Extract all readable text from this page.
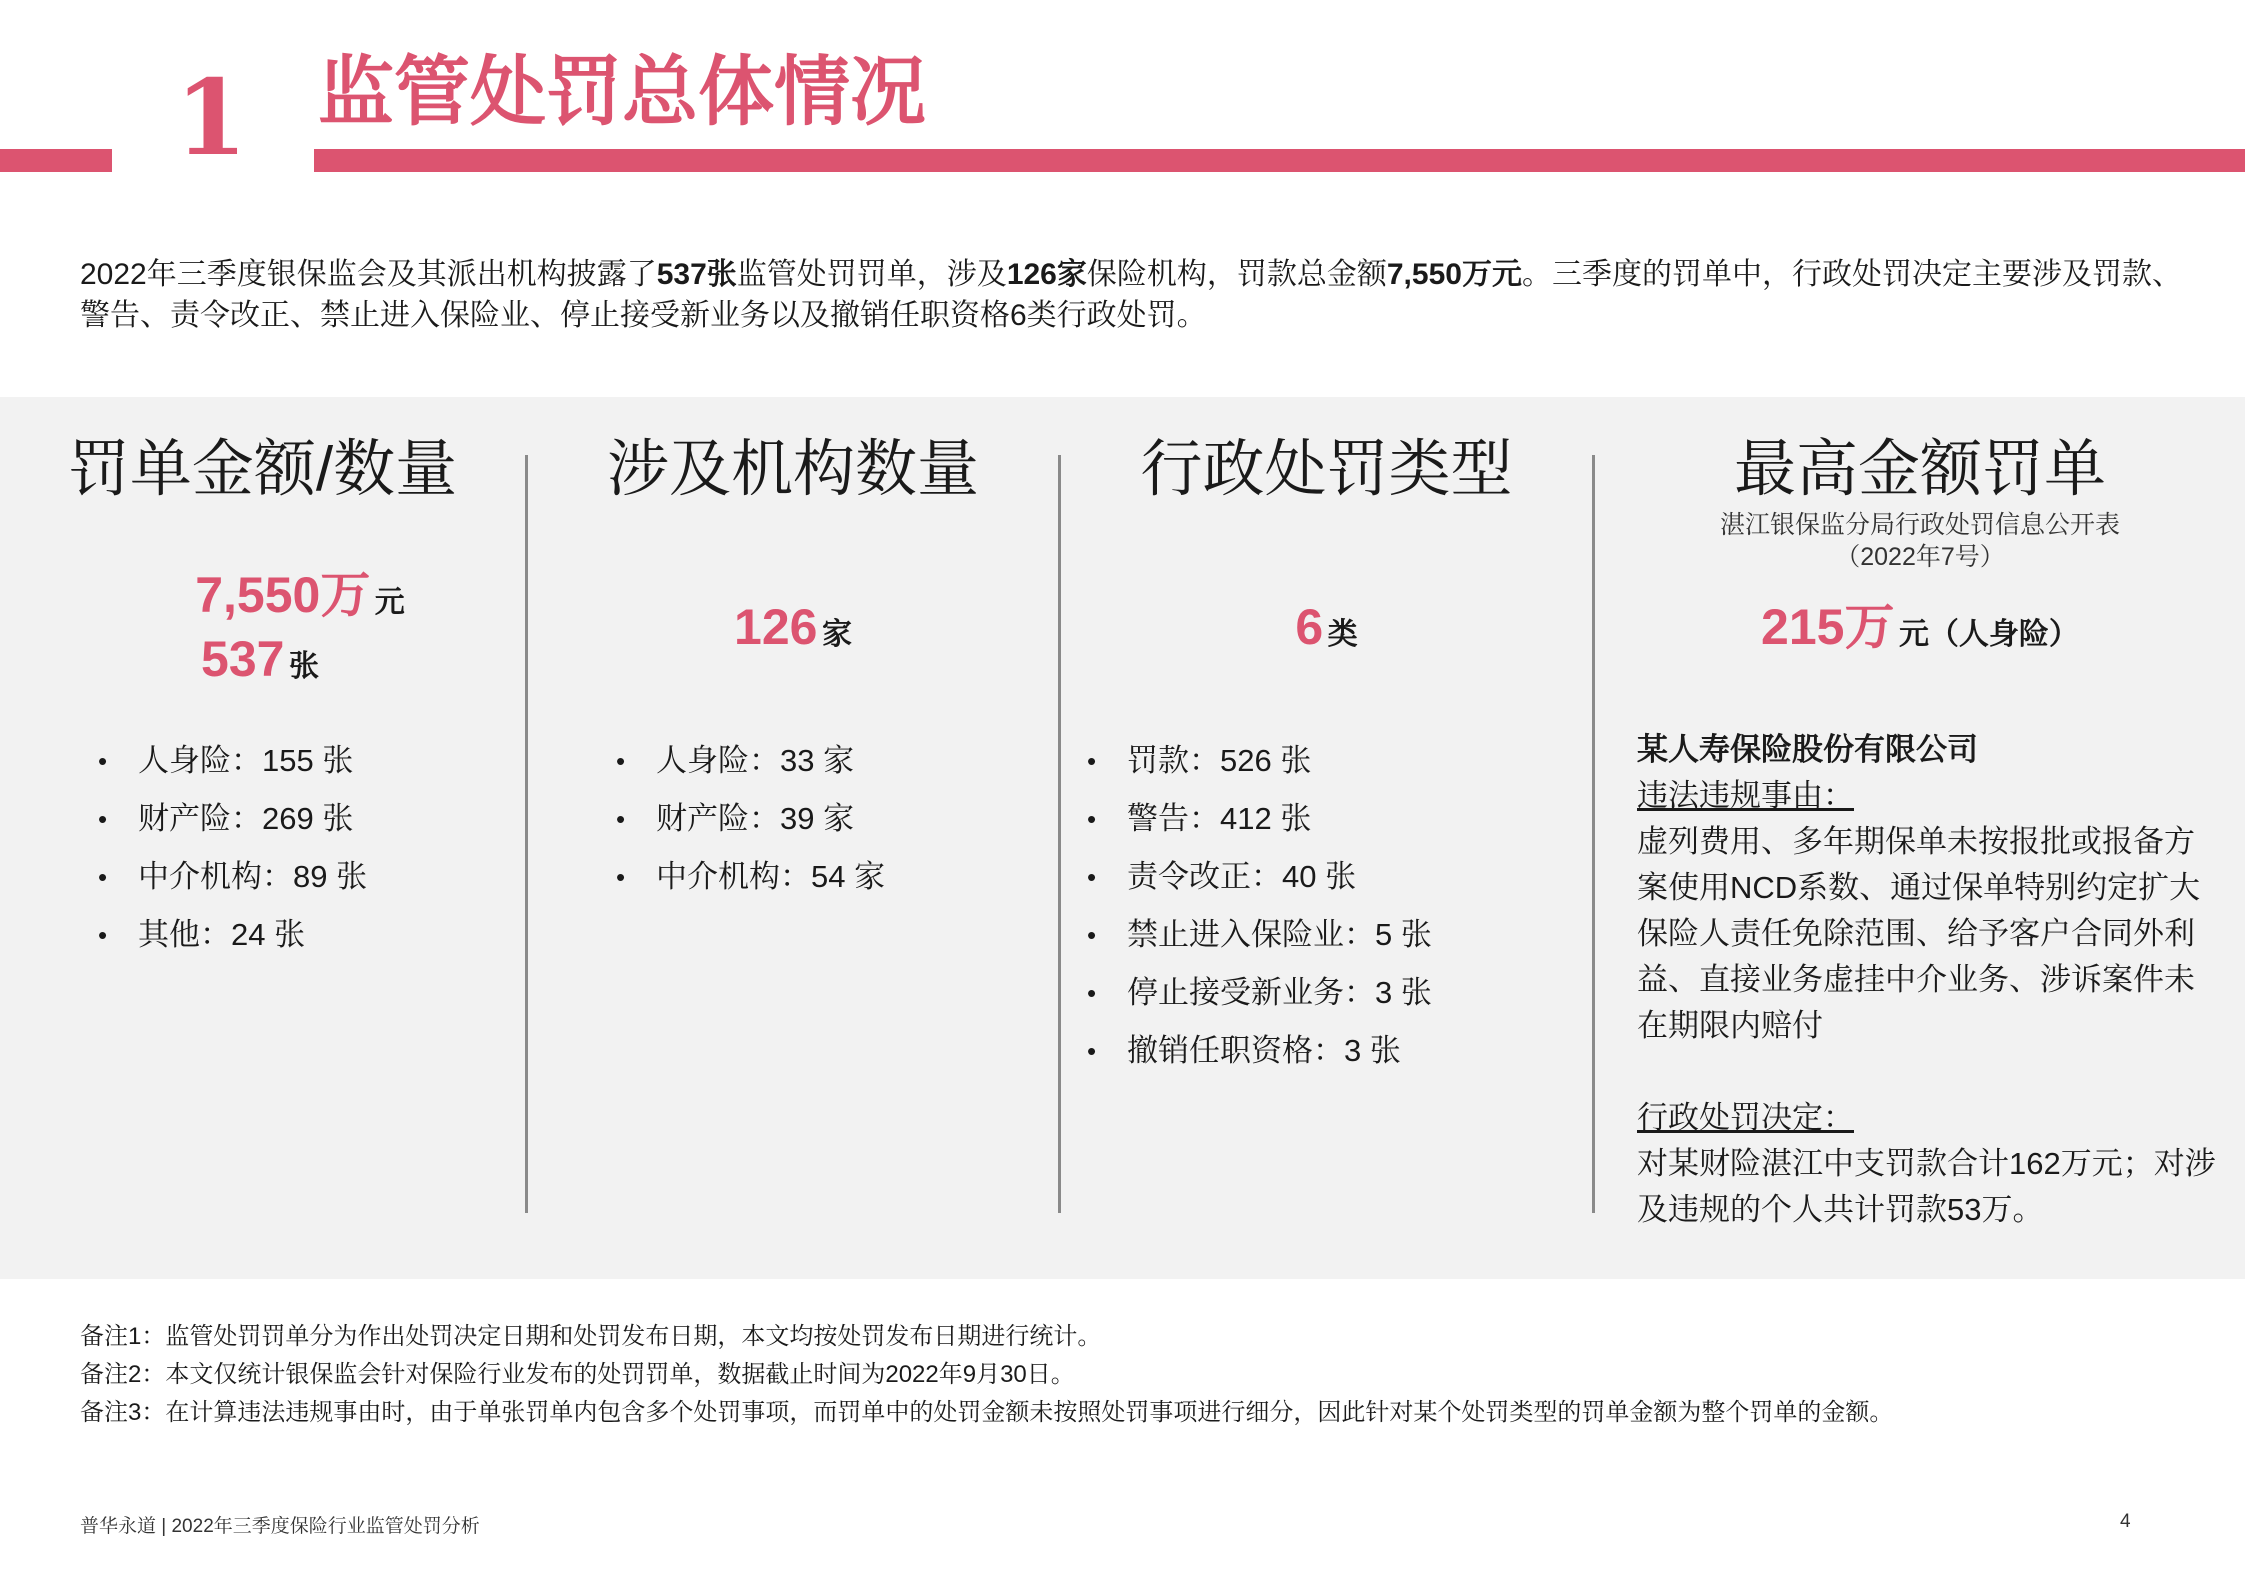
1 监管处罚总体情况
2022年三季度银保监会及其派出机构披露了537张监管处罚罚单，涉及126家保险机构，罚款总金额7,550万元。三季度的罚单中，行政处罚决定主要涉及罚款、警告、责令改正、禁止进入保险业、停止接受新业务以及撤销任职资格6类行政处罚。
罚单金额/数量
7,550万 元
537 张
• 人身险：155 张
• 财产险：269 张
• 中介机构：89 张
• 其他：24 张
涉及机构数量
126 家
• 人身险：33 家
• 财产险：39 家
• 中介机构：54 家
行政处罚类型
6 类
最高金额罚单
湛江银保监分局行政处罚信息公开表
（2022年7号）
215万 元（人身险）
• 罚款：526 张
• 警告：412 张
• 责令改正：40 张
• 禁止进入保险业：5 张
• 停止接受新业务：3 张
• 撤销任职资格：3 张
某人寿保险股份有限公司
违法违规事由：
虚列费用、多年期保单未按报批或报备方案使用NCD系数、通过保单特别约定扩大保险人责任免除范围、给予客户合同外利益、直接业务虚挂中介业务、涉诉案件未在期限内赔付
行政处罚决定：
对某财险湛江中支罚款合计162万元；对涉及违规的个人共计罚款53万。
备注1：监管处罚罚单分为作出处罚决定日期和处罚发布日期，本文均按处罚发布日期进行统计。
备注2：本文仅统计银保监会针对保险行业发布的处罚罚单，数据截止时间为2022年9月30日。
备注3：在计算违法违规事由时，由于单张罚单内包含多个处罚事项，而罚单中的处罚金额未按照处罚事项进行细分，因此针对某个处罚类型的罚单金额为整个罚单的金额。
普华永道 | 2022年三季度保险行业监管处罚分析	4
